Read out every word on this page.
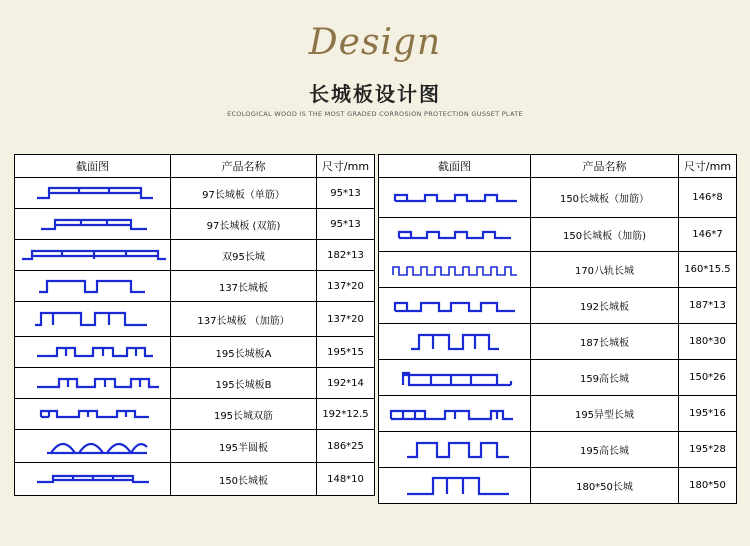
Design
长城板设计图
ECOLOGICAL WOOD IS THE MOST GRADED CORROSION PROTECTION GUSSET PLATE
截面图	产品名称	尺寸/mm

	97长城板（单筋）	95*13

	97长城板 (双筋)	95*13

	双95长城	182*13

	137长城板	137*20

	137长城板 （加筋）	137*20

	195长城板A	195*15

	195长城板B	192*14

	195长城双筋	192*12.5

	195半圆板	186*25

	150长城板	148*10
截面图	产品名称	尺寸/mm

	150长城板（加筋）	146*8

	150长城板（加筋)	146*7

	170八轨长城	160*15.5

	192长城板	187*13

	187长城板	180*30

	159高长城	150*26

	195异型长城	195*16

	195高长城	195*28

	180*50长城	180*50
